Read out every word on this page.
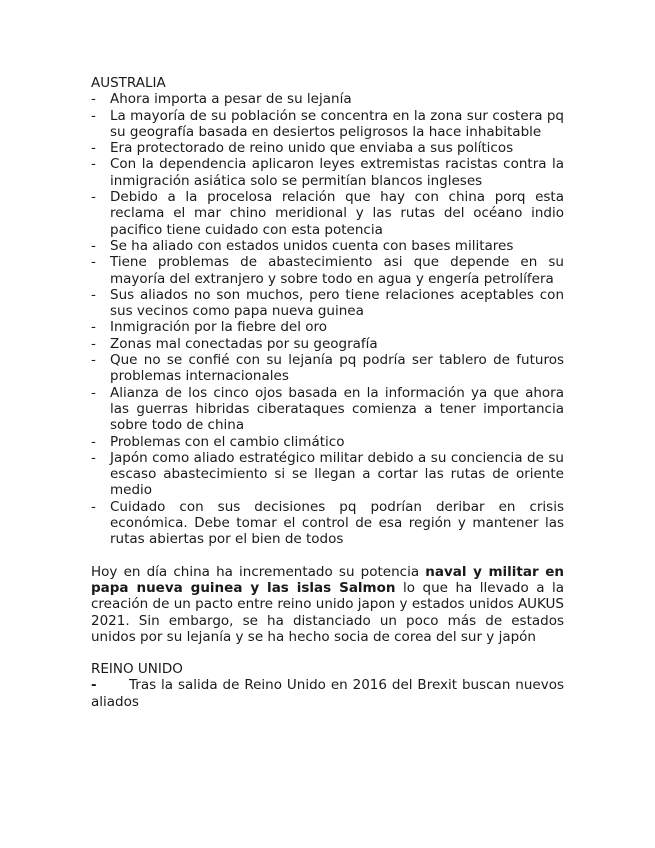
AUSTRALIA

- Ahora importa a pesar de su lejanía
- La mayoría de su población se concentra en la zona sur costera pq su geografía basada en desiertos peligrosos la hace inhabitable
- Era protectorado de reino unido que enviaba a sus políticos
- Con la dependencia aplicaron leyes extremistas racistas contra la inmigración asiática solo se permitían blancos ingleses
- Debido a la procelosa relación que hay con china porq esta reclama el mar chino meridional y las rutas del océano indio pacifico tiene cuidado con esta potencia
- Se ha aliado con estados unidos cuenta con bases militares
- Tiene problemas de abastecimiento asi que depende en su mayoría del extranjero y sobre todo en agua y engería petrolífera
- Sus aliados no son muchos, pero tiene relaciones aceptables con sus vecinos como papa nueva guinea
- Inmigración por la fiebre del oro
- Zonas mal conectadas por su geografía
- Que no se confié con su lejanía pq podría ser tablero de futuros problemas internacionales
- Alianza de los cinco ojos basada en la información ya que ahora las guerras hibridas ciberataques comienza a tener importancia sobre todo de china
- Problemas con el cambio climático
- Japón como aliado estratégico militar debido a su conciencia de su escaso abastecimiento si se llegan a cortar las rutas de oriente medio
- Cuidado con sus decisiones pq podrían deribar en crisis económica. Debe tomar el control de esa región y mantener las rutas abiertas por el bien de todos

Hoy en día china ha incrementado su potencia naval y militar en papa nueva guinea y las islas Salmon lo que ha llevado a la creación de un pacto entre reino unido japon y estados unidos AUKUS 2021. Sin embargo, se ha distanciado un poco más de estados unidos por su lejanía y se ha hecho socia de corea del sur y japón

REINO UNIDO

- Tras la salida de Reino Unido en 2016 del Brexit buscan nuevos aliados
